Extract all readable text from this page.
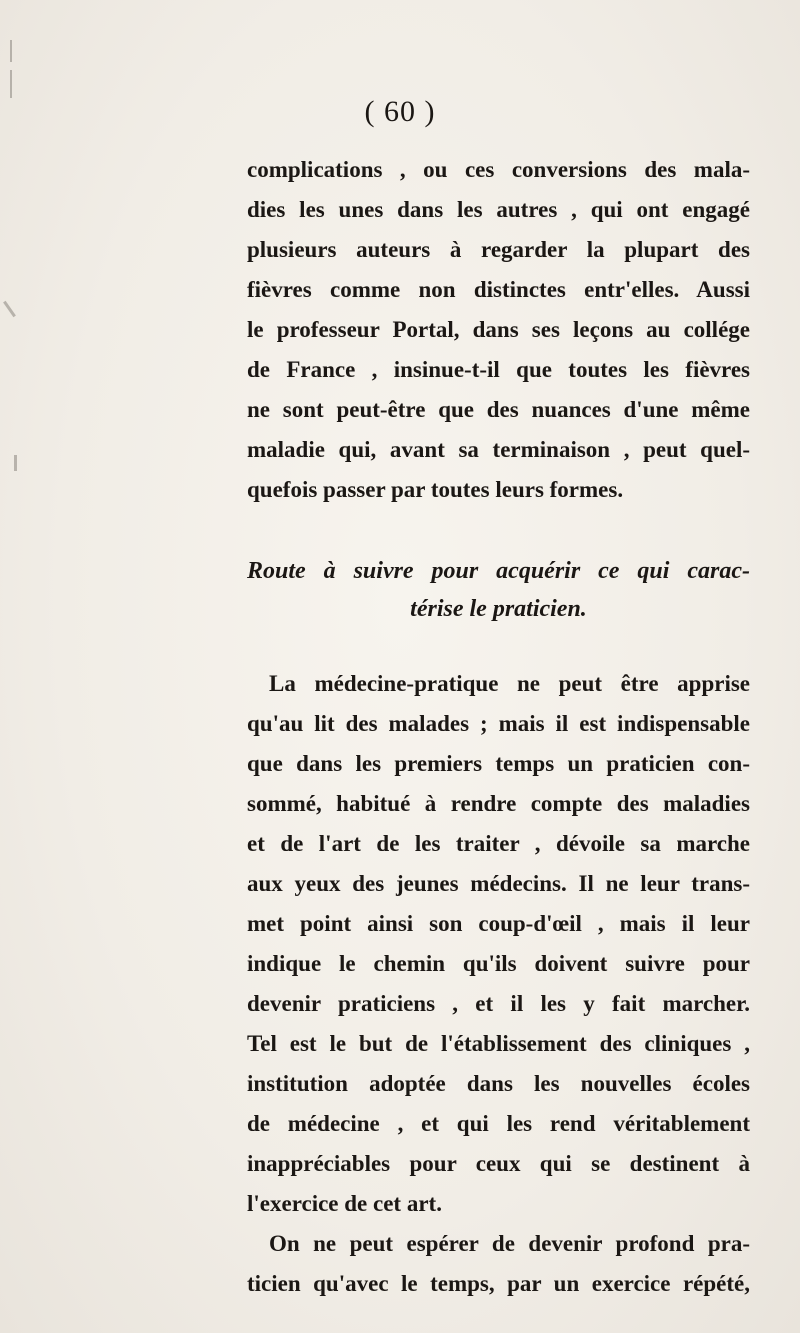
( 60 )
complications , ou ces conversions des mala-
dies les unes dans les autres , qui ont engagé
plusieurs auteurs à regarder la plupart des
fièvres comme non distinctes entr'elles. Aussi
le professeur Portal, dans ses leçons au collége
de France , insinue-t-il que toutes les fièvres
ne sont peut-être que des nuances d'une même
maladie qui, avant sa terminaison , peut quel-
quefois passer par toutes leurs formes.
Route à suivre pour acquérir ce qui carac-
térise le praticien.
La médecine-pratique ne peut être apprise
qu'au lit des malades ; mais il est indispensable
que dans les premiers temps un praticien con-
sommé, habitué à rendre compte des maladies
et de l'art de les traiter , dévoile sa marche
aux yeux des jeunes médecins. Il ne leur trans-
met point ainsi son coup-d'œil , mais il leur
indique le chemin qu'ils doivent suivre pour
devenir praticiens , et il les y fait marcher.
Tel est le but de l'établissement des cliniques ,
institution adoptée dans les nouvelles écoles
de médecine , et qui les rend véritablement
inappréciables pour ceux qui se destinent à
l'exercice de cet art.
On ne peut espérer de devenir profond pra-
ticien qu'avec le temps, par un exercice répété,
